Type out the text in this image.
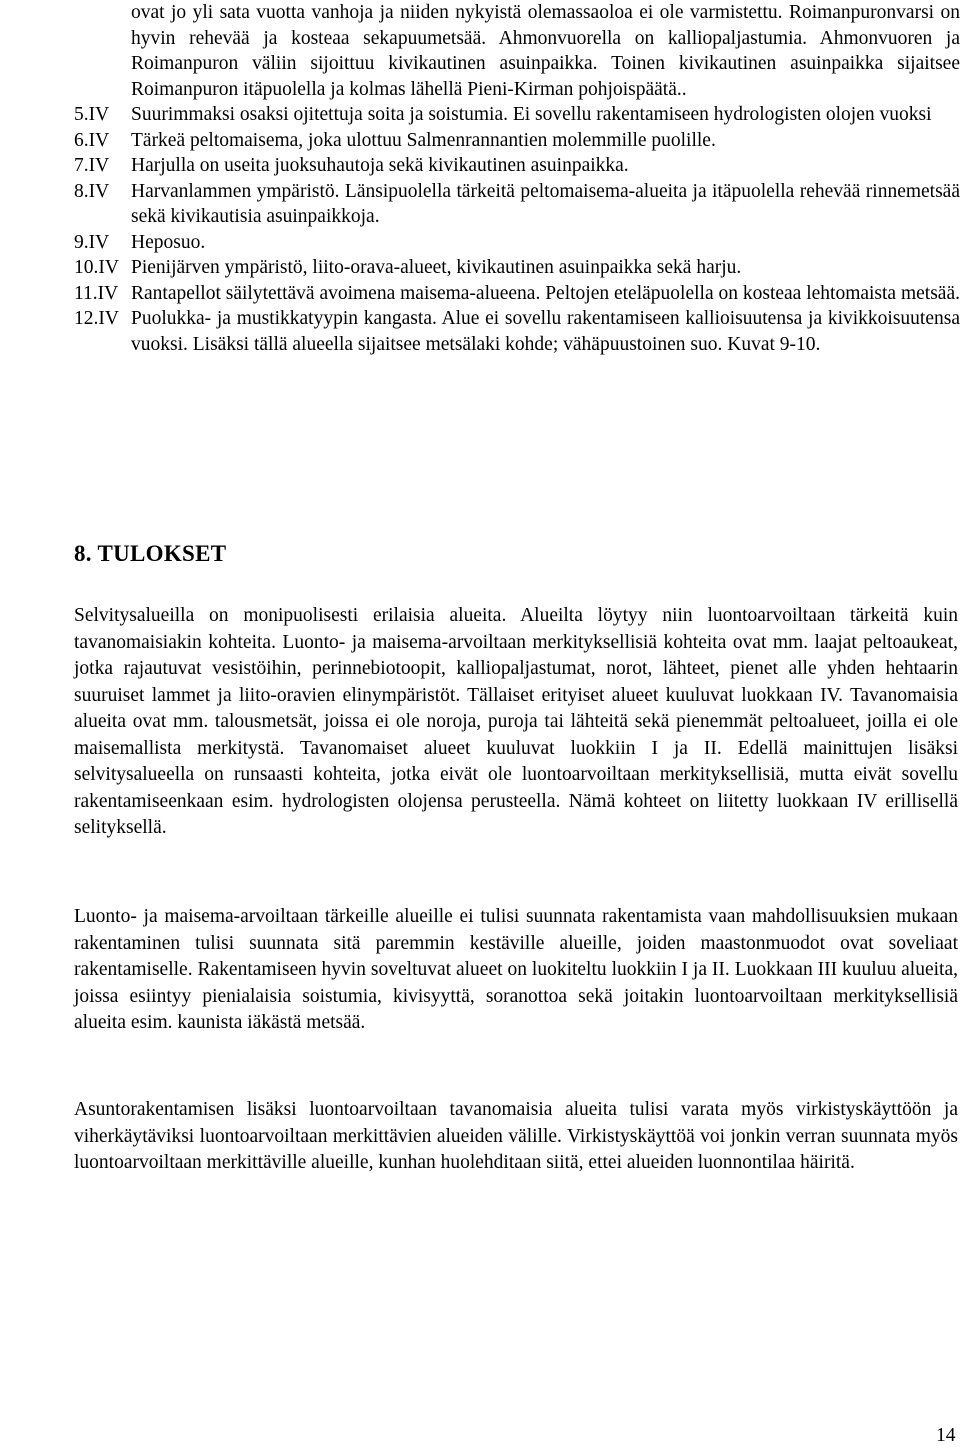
ovat jo yli sata vuotta vanhoja ja niiden nykyistä olemassaoloa ei ole varmistettu. Roimanpuronvarsi on hyvin rehevää ja kosteaa sekapuumetsää. Ahmonvuorella on kalliopaljastumia. Ahmonvuoren ja Roimanpuron väliin sijoittuu kivikautinen asuinpaikka. Toinen kivikautinen asuinpaikka sijaitsee Roimanpuron itäpuolella ja kolmas lähellä Pieni-Kirman pohjoispäätä..
5.IV Suurimmaksi osaksi ojitettuja soita ja soistumia. Ei sovellu rakentamiseen hydrologisten olojen vuoksi
6.IV Tärkeä peltomaisema, joka ulottuu Salmenrannantien molemmille puolille.
7.IV Harjulla on useita juoksuhautoja sekä kivikautinen asuinpaikka.
8.IV Harvanlammen ympäristö. Länsipuolella tärkeitä peltomaisema-alueita ja itäpuolella rehevää rinnemetsää sekä kivikautisia asuinpaikkoja.
9.IV Heposuo.
10.IV Pienijärven ympäristö, liito-orava-alueet, kivikautinen asuinpaikka sekä harju.
11.IV Rantapellot säilytettävä avoimena maisema-alueena. Peltojen eteläpuolella on kosteaa lehtomaista metsää.
12.IV Puolukka- ja mustikkatyypin kangasta. Alue ei sovellu rakentamiseen kallioisuutensa ja kivikkoisuutensa vuoksi. Lisäksi tällä alueella sijaitsee metsälaki kohde; vähäpuustoinen suo. Kuvat 9-10.
8. TULOKSET

Selvitysalueilla on monipuolisesti erilaisia alueita. Alueilta löytyy niin luontoarvoiltaan tärkeitä kuin tavanomaisiakin kohteita. Luonto- ja maisema-arvoiltaan merkityksellisiä kohteita ovat mm. laajat peltoaukeat, jotka rajautuvat vesistöihin, perinnebiotoopit, kalliopaljastumat, norot, lähteet, pienet alle yhden hehtaarin suuruiset lammet ja liito-oravien elinympäristöt. Tällaiset erityiset alueet kuuluvat luokkaan IV. Tavanomaisia alueita ovat mm. talousmetsät, joissa ei ole noroja, puroja tai lähteitä sekä pienemmät peltoalueet, joilla ei ole maisemallista merkitystä. Tavanomaiset alueet kuuluvat luokkiin I ja II. Edellä mainittujen lisäksi selvitysalueella on runsaasti kohteita, jotka eivät ole luontoarvoiltaan merkityksellisiä, mutta eivät sovellu rakentamiseenkaan esim. hydrologisten olojensa perusteella. Nämä kohteet on liitetty luokkaan IV erillisellä selityksellä.

Luonto- ja maisema-arvoiltaan tärkeille alueille ei tulisi suunnata rakentamista vaan mahdollisuuksien mukaan rakentaminen tulisi suunnata sitä paremmin kestäville alueille, joiden maastonmuodot ovat soveliaat rakentamiselle. Rakentamiseen hyvin soveltuvat alueet on luokiteltu luokkiin I ja II. Luokkaan III kuuluu alueita, joissa esiintyy pienialaisia soistumia, kivisyyttä, soranottoa sekä joitakin luontoarvoiltaan merkityksellisiä alueita esim. kaunista iäkästä metsää.

Asuntorakentamisen lisäksi luontoarvoiltaan tavanomaisia alueita tulisi varata myös virkistyskäyttöön ja viherkäytäviksi luontoarvoiltaan merkittävien alueiden välille. Virkistyskäyttöä voi jonkin verran suunnata myös luontoarvoiltaan merkittäville alueille, kunhan huolehditaan siitä, ettei alueiden luonnontilaa häiritä.

14
